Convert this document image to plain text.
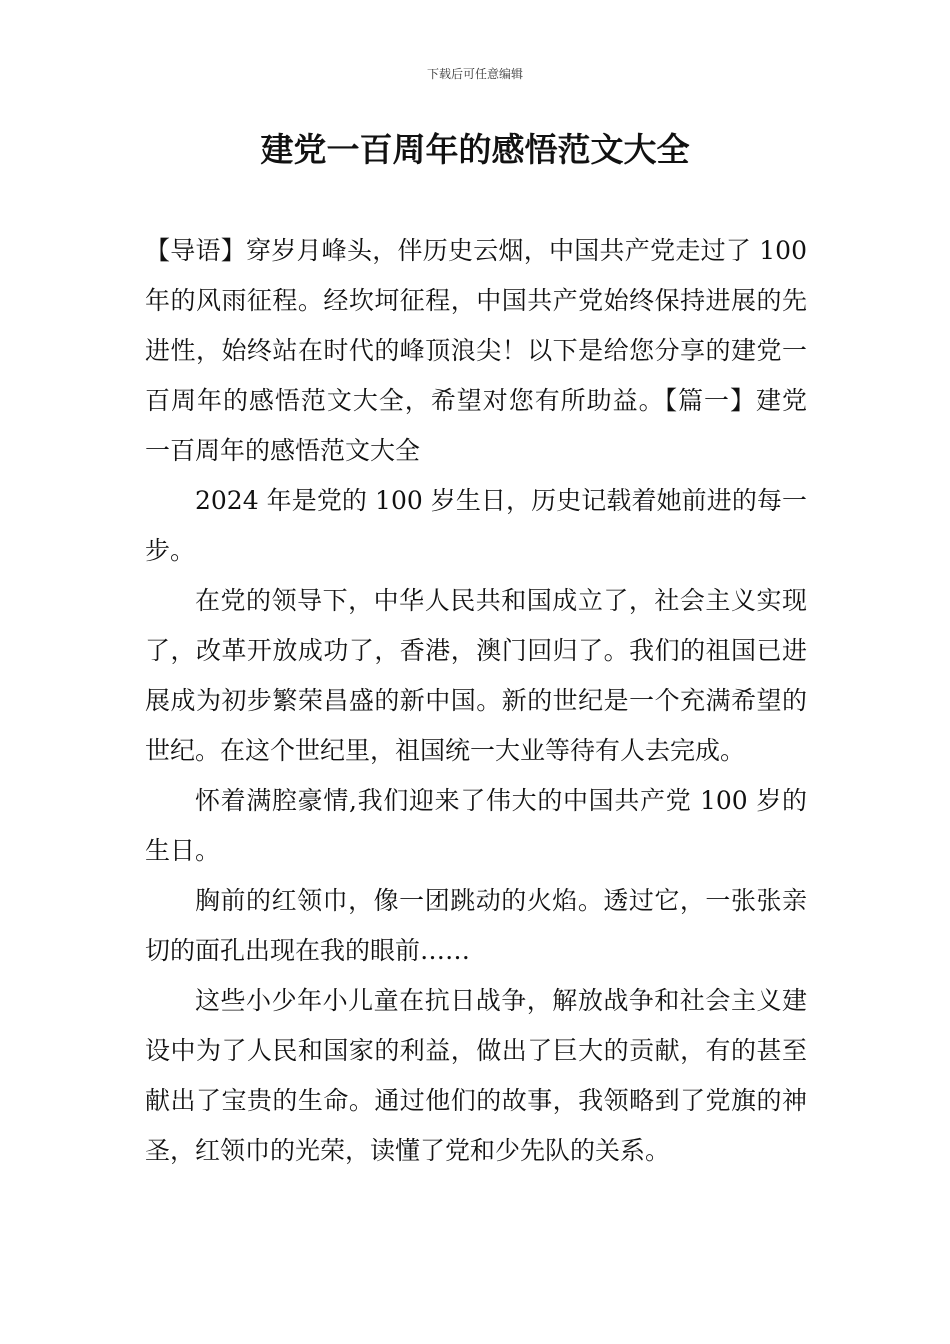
下载后可任意编辑
建党一百周年的感悟范文大全

【导语】穿岁月峰头，伴历史云烟，中国共产党走过了 100 年的风雨征程。经坎坷征程，中国共产党始终保持进展的先进性，始终站在时代的峰顶浪尖！以下是给您分享的建党一百周年的感悟范文大全，希望对您有所助益。【篇一】建党一百周年的感悟范文大全

2024 年是党的 100 岁生日，历史记载着她前进的每一步。

在党的领导下，中华人民共和国成立了，社会主义实现了，改革开放成功了，香港，澳门回归了。我们的祖国已进展成为初步繁荣昌盛的新中国。新的世纪是一个充满希望的世纪。在这个世纪里，祖国统一大业等待有人去完成。

怀着满腔豪情,我们迎来了伟大的中国共产党 100 岁的生日。

胸前的红领巾，像一团跳动的火焰。透过它，一张张亲切的面孔出现在我的眼前……

这些小少年小儿童在抗日战争，解放战争和社会主义建设中为了人民和国家的利益，做出了巨大的贡献，有的甚至献出了宝贵的生命。通过他们的故事，我领略到了党旗的神圣，红领巾的光荣，读懂了党和少先队的关系。
